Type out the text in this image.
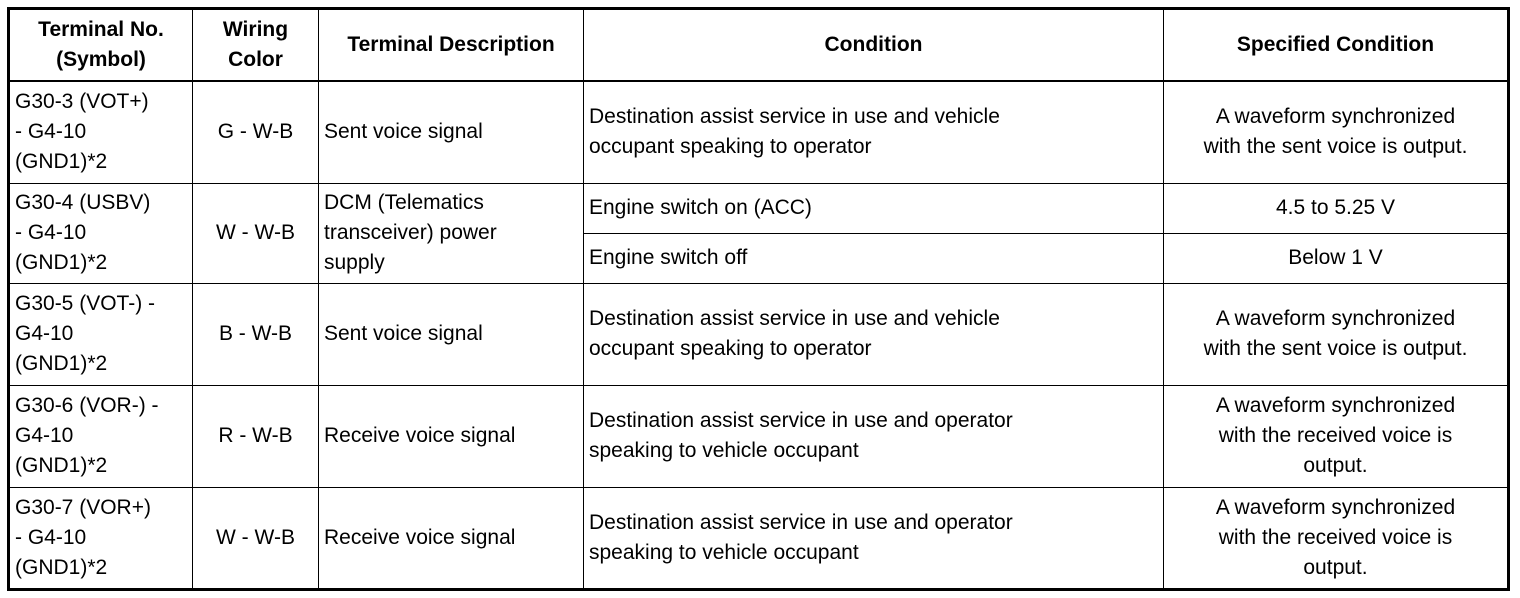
Terminal No.
(Symbol)	Wiring
Color	Terminal Description	Condition	Specified Condition
G30-3 (VOT+)
- G4-10
(GND1)*2	G - W-B	Sent voice signal	Destination assist service in use and vehicle
occupant speaking to operator	A waveform synchronized
with the sent voice is output.
G30-4 (USBV)
- G4-10
(GND1)*2	W - W-B	DCM (Telematics
transceiver) power
supply	Engine switch on (ACC)	4.5 to 5.25 V
			Engine switch off	Below 1 V
G30-5 (VOT-) -
G4-10
(GND1)*2	B - W-B	Sent voice signal	Destination assist service in use and vehicle
occupant speaking to operator	A waveform synchronized
with the sent voice is output.
G30-6 (VOR-) -
G4-10
(GND1)*2	R - W-B	Receive voice signal	Destination assist service in use and operator
speaking to vehicle occupant	A waveform synchronized
with the received voice is
output.
G30-7 (VOR+)
- G4-10
(GND1)*2	W - W-B	Receive voice signal	Destination assist service in use and operator
speaking to vehicle occupant	A waveform synchronized
with the received voice is
output.
